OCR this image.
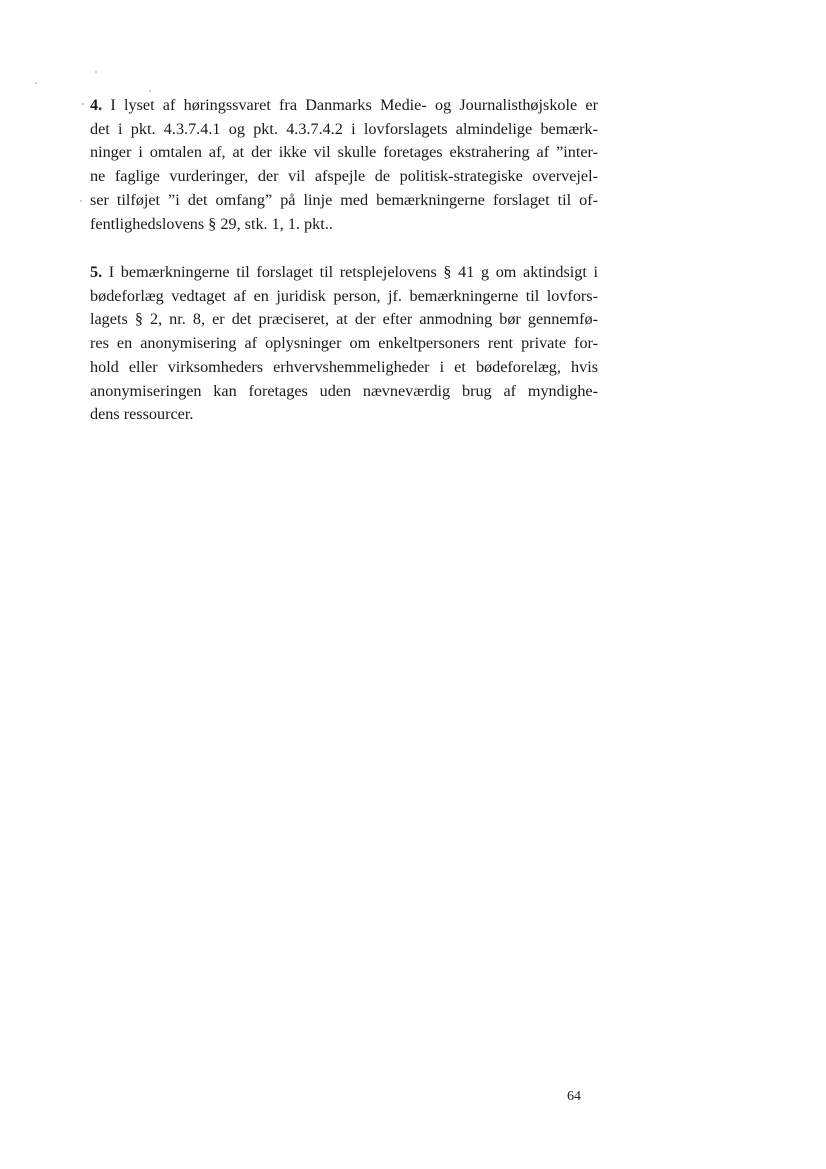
4. I lyset af høringssvaret fra Danmarks Medie- og Journalisthøjskole er
det i pkt. 4.3.7.4.1 og pkt. 4.3.7.4.2 i lovforslagets almindelige bemærk-
ninger i omtalen af, at der ikke vil skulle foretages ekstrahering af ”inter-
ne faglige vurderinger, der vil afspejle de politisk-strategiske overvejel-
ser tilføjet ”i det omfang” på linje med bemærkningerne forslaget til of-
fentlighedslovens § 29, stk. 1, 1. pkt..

5. I bemærkningerne til forslaget til retsplejelovens § 41 g om aktindsigt i
bødeforlæg vedtaget af en juridisk person, jf. bemærkningerne til lovfors-
lagets § 2, nr. 8, er det præciseret, at der efter anmodning bør gennemfø-
res en anonymisering af oplysninger om enkeltpersoners rent private for-
hold eller virksomheders erhvervshemmeligheder i et bødeforelæg, hvis
anonymiseringen kan foretages uden nævneværdig brug af myndighe-
dens ressourcer.

64
